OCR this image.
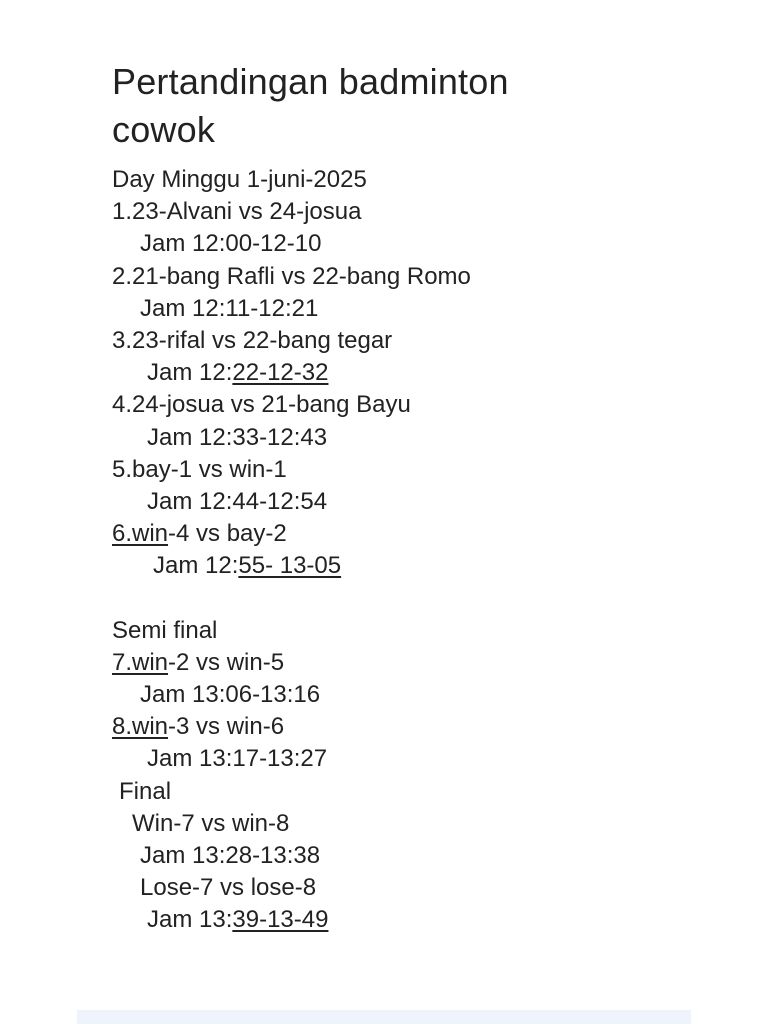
Pertandingan badminton
cowok
Day Minggu 1-juni-2025
1.23-Alvani vs 24-josua
Jam 12:00-12-10
2.21-bang Rafli vs 22-bang Romo
Jam 12:11-12:21
3.23-rifal vs 22-bang tegar
Jam 12:22-12-32
4.24-josua vs 21-bang Bayu
Jam 12:33-12:43
5.bay-1 vs win-1
Jam 12:44-12:54
6.win-4 vs bay-2
Jam 12:55- 13-05
Semi final
7.win-2 vs win-5
Jam 13:06-13:16
8.win-3 vs win-6
Jam 13:17-13:27
Final
Win-7 vs win-8
Jam 13:28-13:38
Lose-7 vs lose-8
Jam 13:39-13-49
